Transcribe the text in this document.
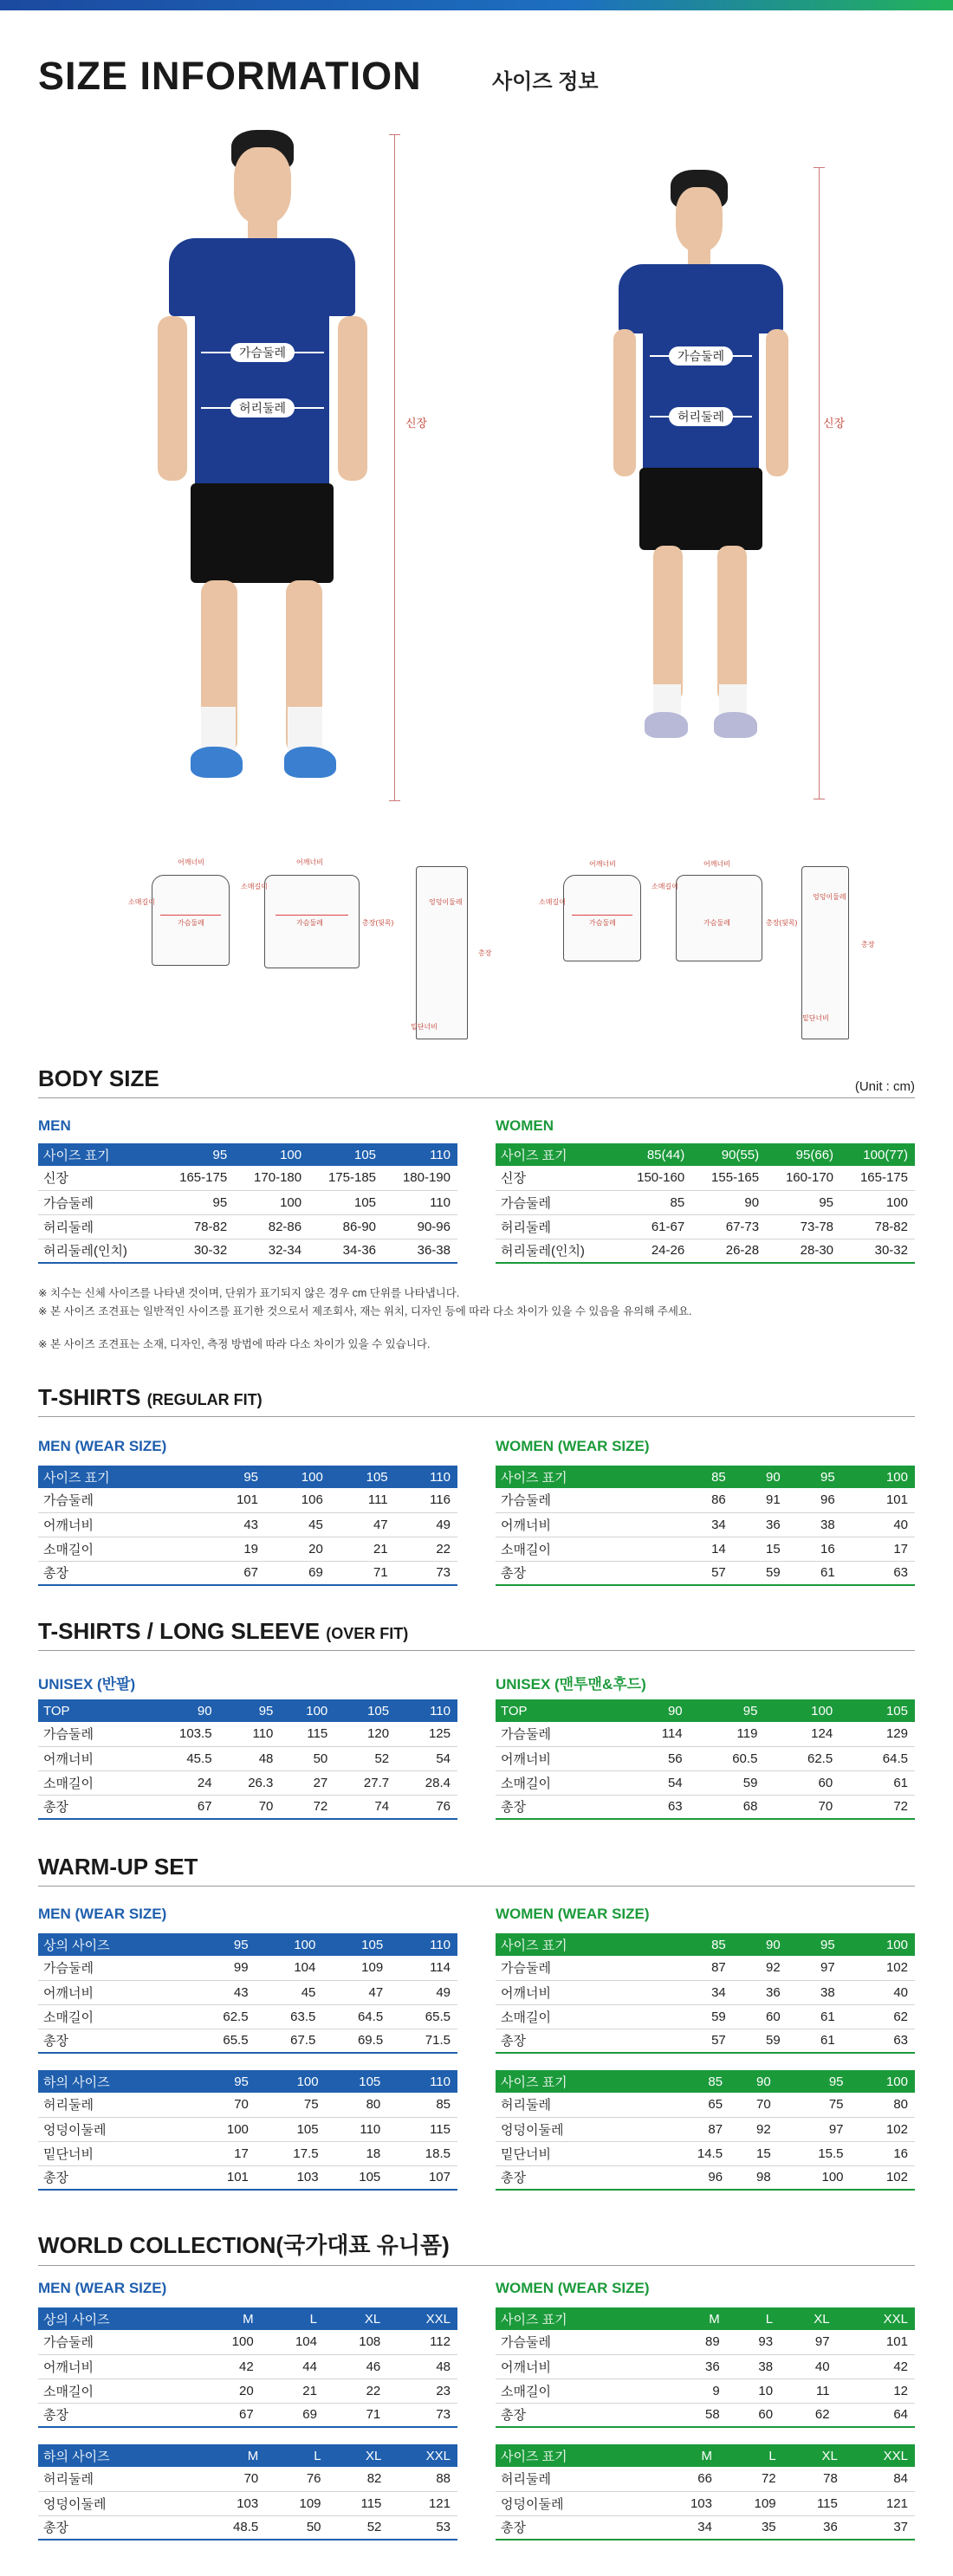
SIZE INFORMATION	사이즈 정보
가슴둘레
허리둘레
신장
가슴둘레
허리둘레	신장
어깨너비
소매길이
가슴둘레
어깨너비
소매길이
가슴둘레	총장(뒷목)
엉덩이둘레
총장
밑단너비
어깨너비
소매길이
가슴둘레
어깨너비
소매길이
가슴둘레	총장(뒷목)
엉덩이둘레
총장
밑단너비
BODY SIZE	(Unit : cm)
MEN
사이즈 표기	95	100	105	110
신장	165-175	170-180	175-185	180-190
가슴둘레	95	100	105	110
허리둘레	78-82	82-86	86-90	90-96
허리둘레(인치)	30-32	32-34	34-36	36-38
WOMEN
사이즈 표기	85(44)	90(55)	95(66)	100(77)
신장	150-160	155-165	160-170	165-175
가슴둘레	85	90	95	100
허리둘레	61-67	67-73	73-78	78-82
허리둘레(인치)	24-26	26-28	28-30	30-32
※ 치수는 신체 사이즈를 나타낸 것이며, 단위가 표기되지 않은 경우 cm 단위를 나타냅니다.
※ 본 사이즈 조견표는 일반적인 사이즈를 표기한 것으로서 제조회사, 재는 위치, 디자인 등에 따라 다소 차이가 있을 수 있음을 유의해 주세요.
※ 본 사이즈 조견표는 소재, 디자인, 측정 방법에 따라 다소 차이가 있을 수 있습니다.
T-SHIRTS (REGULAR FIT)
MEN (WEAR SIZE)
사이즈 표기	95	100	105	110
가슴둘레	101	106	111	116
어깨너비	43	45	47	49
소매길이	19	20	21	22
총장	67	69	71	73
WOMEN (WEAR SIZE)
사이즈 표기	85	90	95	100
가슴둘레	86	91	96	101
어깨너비	34	36	38	40
소매길이	14	15	16	17
총장	57	59	61	63
T-SHIRTS / LONG SLEEVE (OVER FIT)
UNISEX (반팔)
TOP	90	95	100	105	110
가슴둘레	103.5	110	115	120	125
어깨너비	45.5	48	50	52	54
소매길이	24	26.3	27	27.7	28.4
총장	67	70	72	74	76
UNISEX (맨투맨&후드)
TOP	90	95	100	105
가슴둘레	114	119	124	129
어깨너비	56	60.5	62.5	64.5
소매길이	54	59	60	61
총장	63	68	70	72
WARM-UP SET
MEN (WEAR SIZE)
상의 사이즈	95	100	105	110
가슴둘레	99	104	109	114
어깨너비	43	45	47	49
소매길이	62.5	63.5	64.5	65.5
총장	65.5	67.5	69.5	71.5
하의 사이즈	95	100	105	110
허리둘레	70	75	80	85
엉덩이둘레	100	105	110	115
밑단너비	17	17.5	18	18.5
총장	101	103	105	107
WOMEN (WEAR SIZE)
사이즈 표기	85	90	95	100
가슴둘레	87	92	97	102
어깨너비	34	36	38	40
소매길이	59	60	61	62
총장	57	59	61	63
사이즈 표기	85	90	95	100
허리둘레	65	70	75	80
엉덩이둘레	87	92	97	102
밑단너비	14.5	15	15.5	16
총장	96	98	100	102
WORLD COLLECTION(국가대표 유니폼)
MEN (WEAR SIZE)
상의 사이즈	M	L	XL	XXL
가슴둘레	100	104	108	112
어깨너비	42	44	46	48
소매길이	20	21	22	23
총장	67	69	71	73
하의 사이즈	M	L	XL	XXL
허리둘레	70	76	82	88
엉덩이둘레	103	109	115	121
총장	48.5	50	52	53
WOMEN (WEAR SIZE)
사이즈 표기	M	L	XL	XXL
가슴둘레	89	93	97	101
어깨너비	36	38	40	42
소매길이	9	10	11	12
총장	58	60	62	64
사이즈 표기	M	L	XL	XXL
허리둘레	66	72	78	84
엉덩이둘레	103	109	115	121
총장	34	35	36	37
